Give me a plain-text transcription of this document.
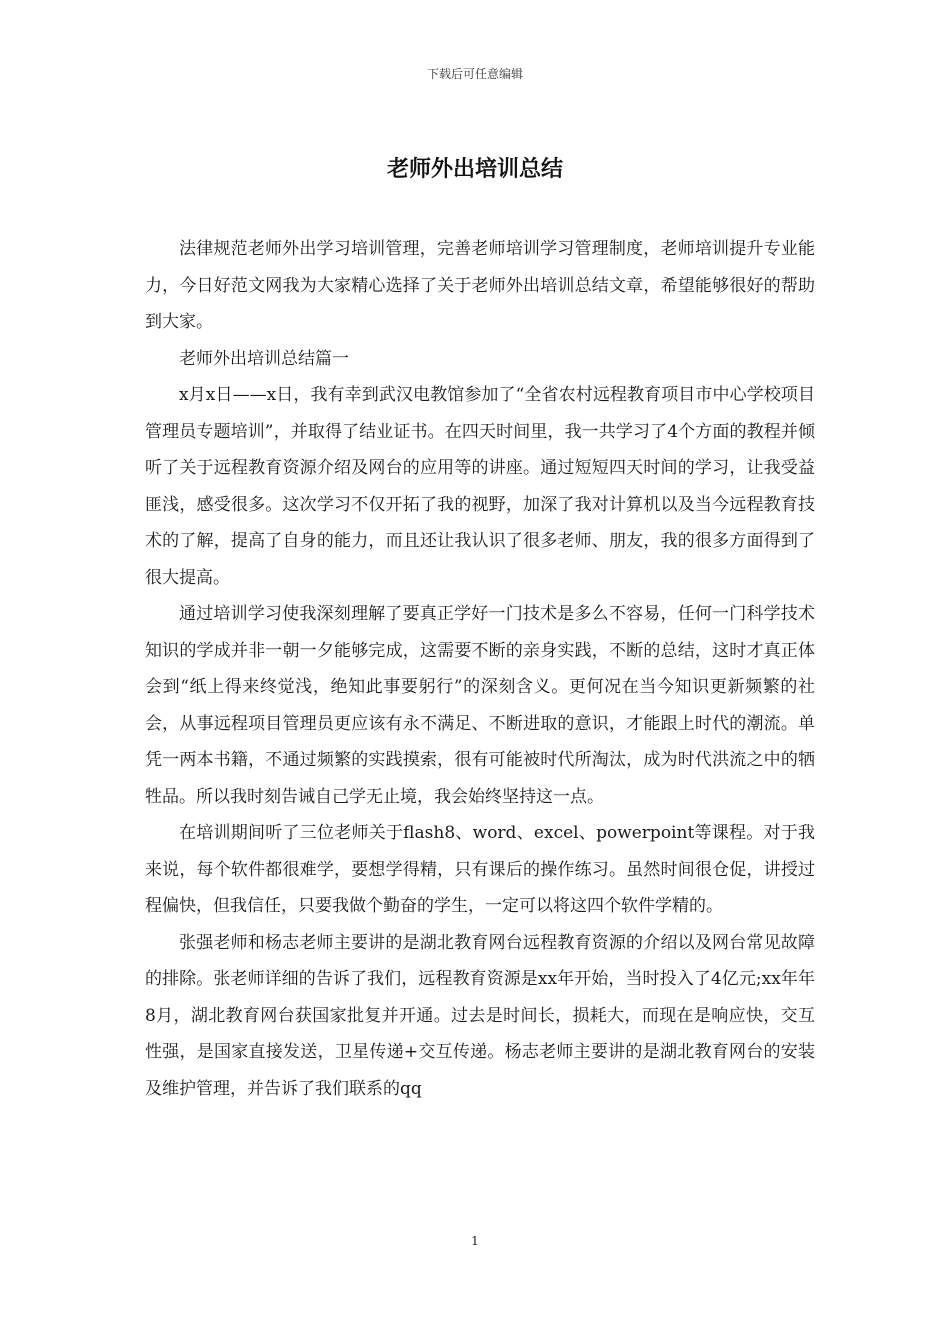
下载后可任意编辑
老师外出培训总结

法律规范老师外出学习培训管理，完善老师培训学习管理制度，老师培训提升专业能力，今日好范文网我为大家精心选择了关于老师外出培训总结文章，希望能够很好的帮助到大家。

老师外出培训总结篇一

x月x日——x日，我有幸到武汉电教馆参加了“全省农村远程教育项目市中心学校项目管理员专题培训”，并取得了结业证书。在四天时间里，我一共学习了4个方面的教程并倾听了关于远程教育资源介绍及网台的应用等的讲座。通过短短四天时间的学习，让我受益匪浅，感受很多。这次学习不仅开拓了我的视野，加深了我对计算机以及当今远程教育技术的了解，提高了自身的能力，而且还让我认识了很多老师、朋友，我的很多方面得到了很大提高。

通过培训学习使我深刻理解了要真正学好一门技术是多么不容易，任何一门科学技术知识的学成并非一朝一夕能够完成，这需要不断的亲身实践，不断的总结，这时才真正体会到“纸上得来终觉浅，绝知此事要躬行”的深刻含义。更何况在当今知识更新频繁的社会，从事远程项目管理员更应该有永不满足、不断进取的意识，才能跟上时代的潮流。单凭一两本书籍，不通过频繁的实践摸索，很有可能被时代所淘汰，成为时代洪流之中的牺牲品。所以我时刻告诫自己学无止境，我会始终坚持这一点。

在培训期间听了三位老师关于flash8、word、excel、powerpoint等课程。对于我来说，每个软件都很难学，要想学得精，只有课后的操作练习。虽然时间很仓促，讲授过程偏快，但我信任，只要我做个勤奋的学生，一定可以将这四个软件学精的。

张强老师和杨志老师主要讲的是湖北教育网台远程教育资源的介绍以及网台常见故障的排除。张老师详细的告诉了我们，远程教育资源是xx年开始，当时投入了4亿元;xx年年8月，湖北教育网台获国家批复并开通。过去是时间长，损耗大，而现在是响应快，交互性强，是国家直接发送，卫星传递+交互传递。杨志老师主要讲的是湖北教育网台的安装及维护管理，并告诉了我们联系的qq

1
